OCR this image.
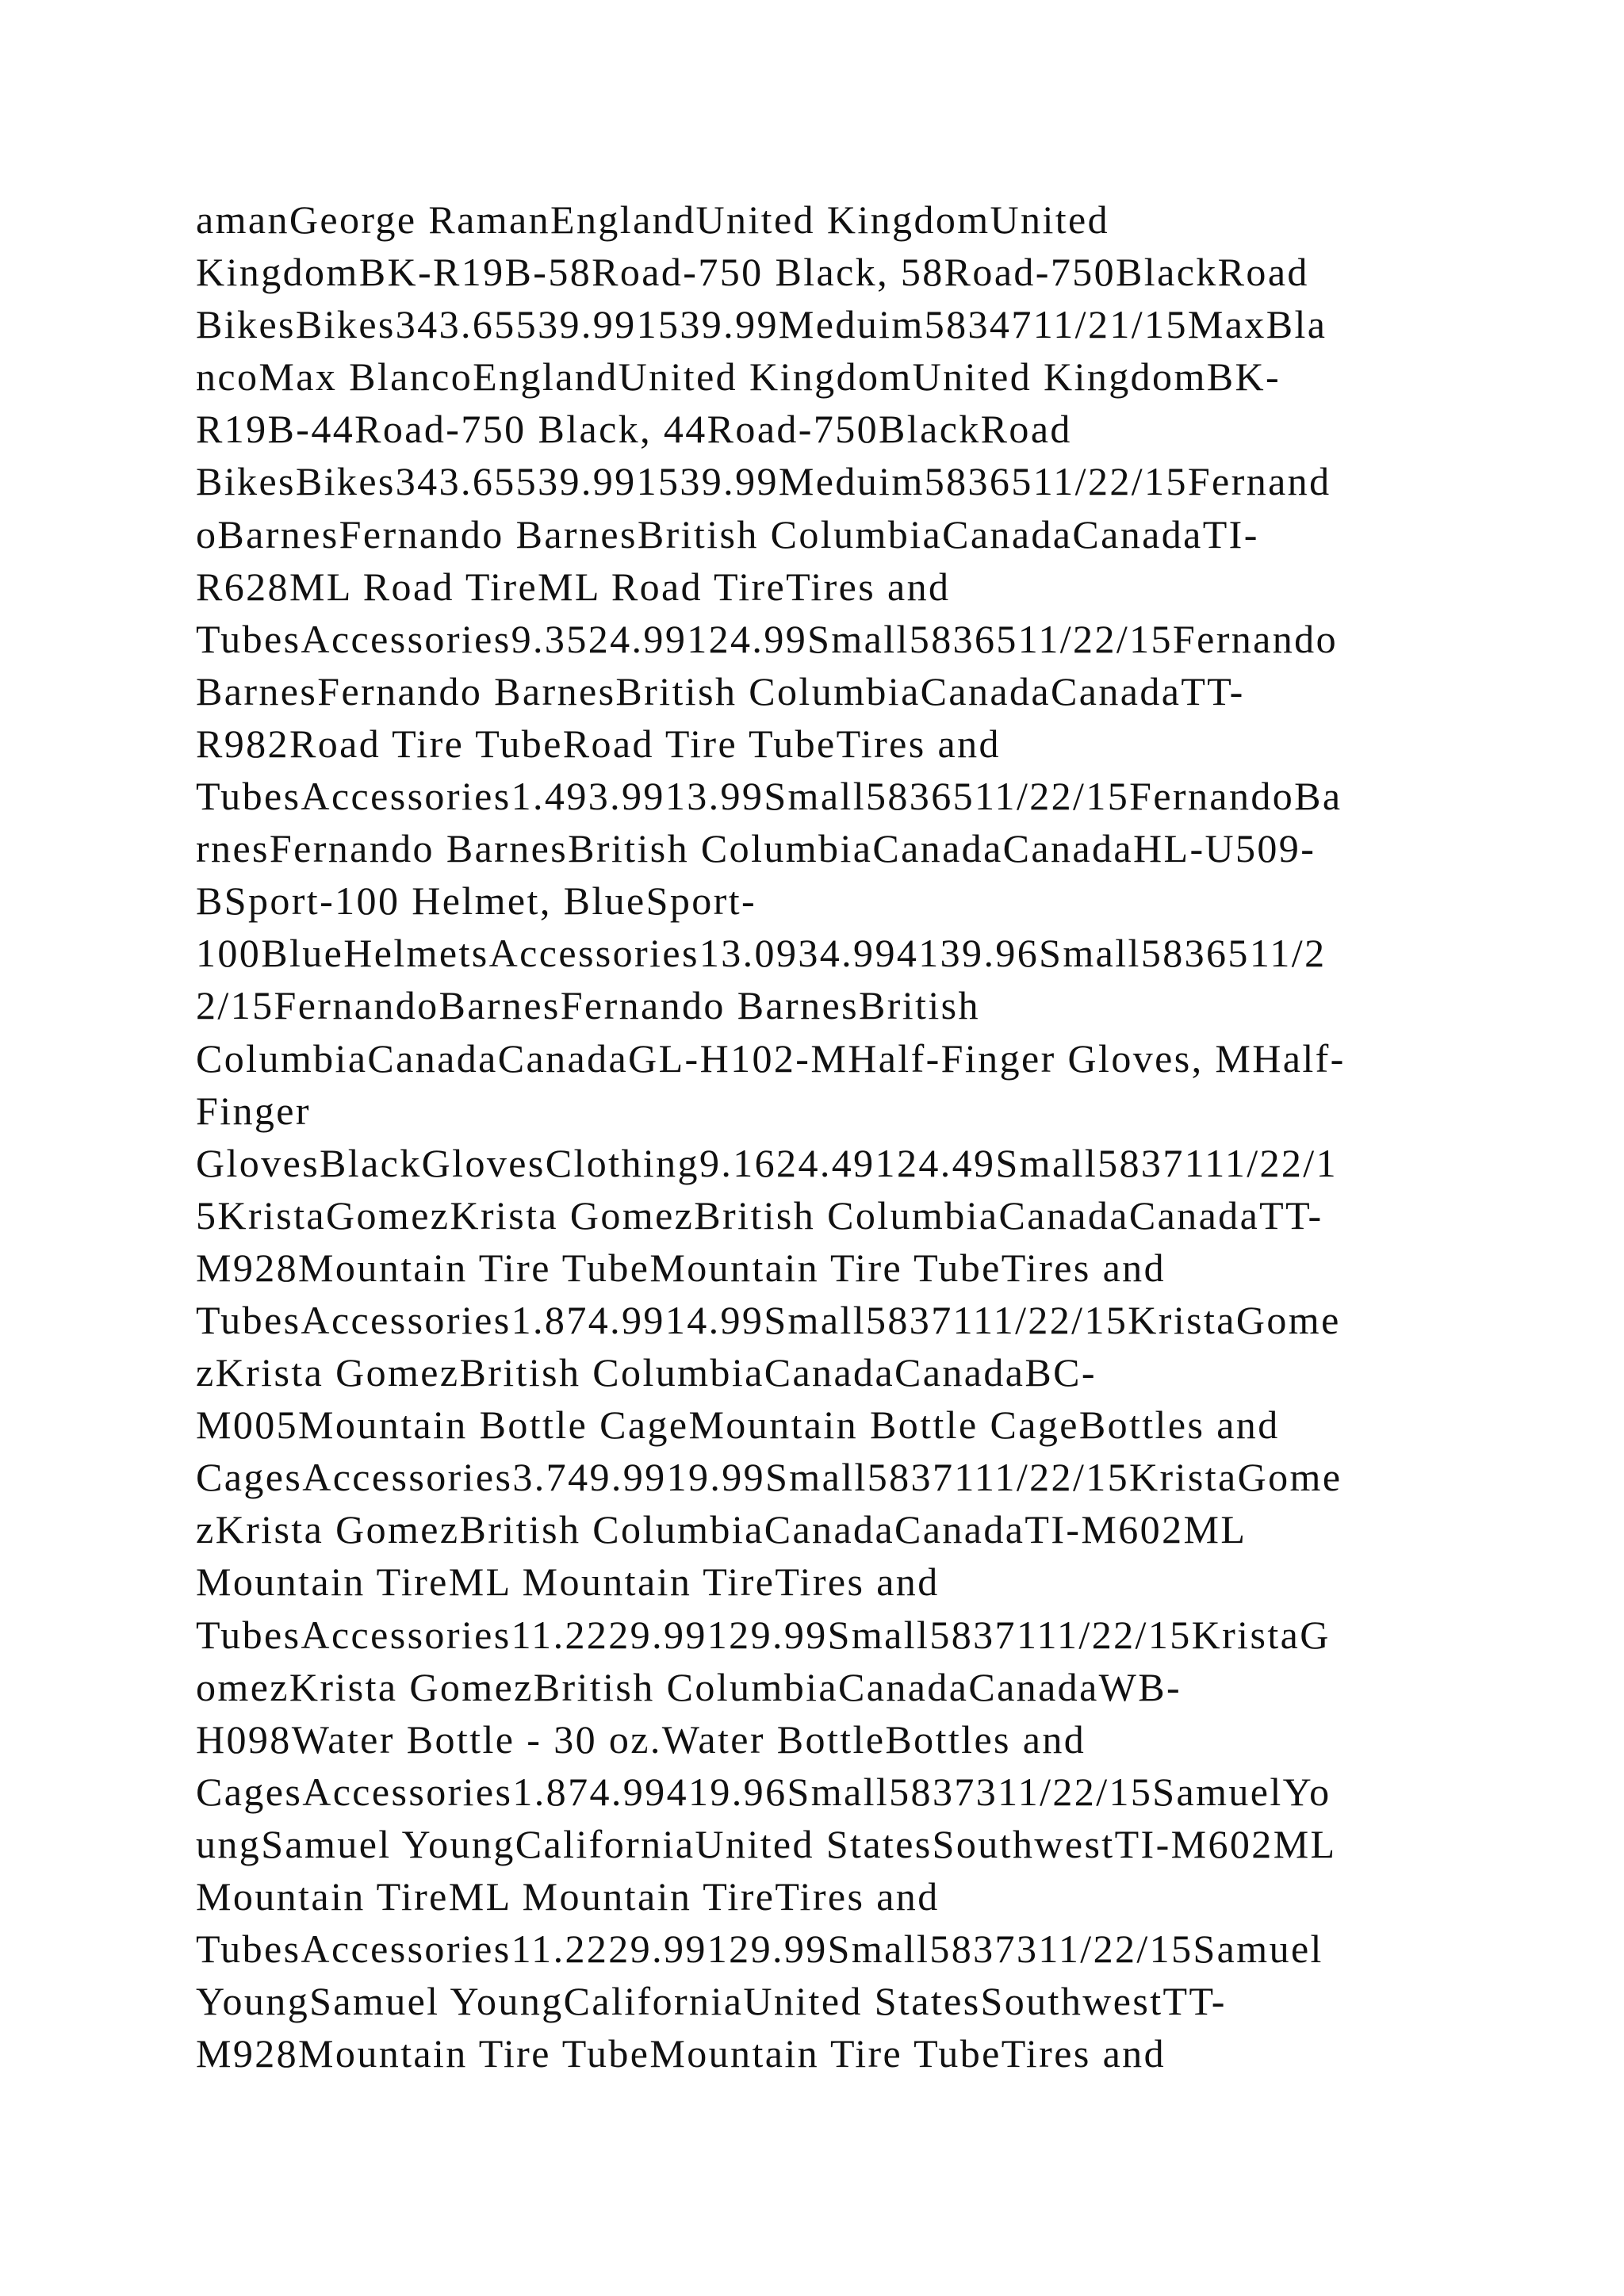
amanGeorge RamanEnglandUnited KingdomUnited
KingdomBK-R19B-58Road-750 Black, 58Road-750BlackRoad
BikesBikes343.65539.991539.99Meduim5834711/21/15MaxBla
ncoMax BlancoEnglandUnited KingdomUnited KingdomBK-
R19B-44Road-750 Black, 44Road-750BlackRoad
BikesBikes343.65539.991539.99Meduim5836511/22/15Fernand
oBarnesFernando BarnesBritish ColumbiaCanadaCanadaTI-
R628ML Road TireML Road TireTires and
TubesAccessories9.3524.99124.99Small5836511/22/15Fernando
BarnesFernando BarnesBritish ColumbiaCanadaCanadaTT-
R982Road Tire TubeRoad Tire TubeTires and
TubesAccessories1.493.9913.99Small5836511/22/15FernandoBa
rnesFernando BarnesBritish ColumbiaCanadaCanadaHL-U509-
BSport-100 Helmet, BlueSport-
100BlueHelmetsAccessories13.0934.994139.96Small5836511/2
2/15FernandoBarnesFernando BarnesBritish
ColumbiaCanadaCanadaGL-H102-MHalf-Finger Gloves, MHalf-
Finger
GlovesBlackGlovesClothing9.1624.49124.49Small5837111/22/1
5KristaGomezKrista GomezBritish ColumbiaCanadaCanadaTT-
M928Mountain Tire TubeMountain Tire TubeTires and
TubesAccessories1.874.9914.99Small5837111/22/15KristaGome
zKrista GomezBritish ColumbiaCanadaCanadaBC-
M005Mountain Bottle CageMountain Bottle CageBottles and
CagesAccessories3.749.9919.99Small5837111/22/15KristaGome
zKrista GomezBritish ColumbiaCanadaCanadaTI-M602ML
Mountain TireML Mountain TireTires and
TubesAccessories11.2229.99129.99Small5837111/22/15KristaG
omezKrista GomezBritish ColumbiaCanadaCanadaWB-
H098Water Bottle - 30 oz.Water BottleBottles and
CagesAccessories1.874.99419.96Small5837311/22/15SamuelYo
ungSamuel YoungCaliforniaUnited StatesSouthwestTI-M602ML
Mountain TireML Mountain TireTires and
TubesAccessories11.2229.99129.99Small5837311/22/15Samuel
YoungSamuel YoungCaliforniaUnited StatesSouthwestTT-
M928Mountain Tire TubeMountain Tire TubeTires and
